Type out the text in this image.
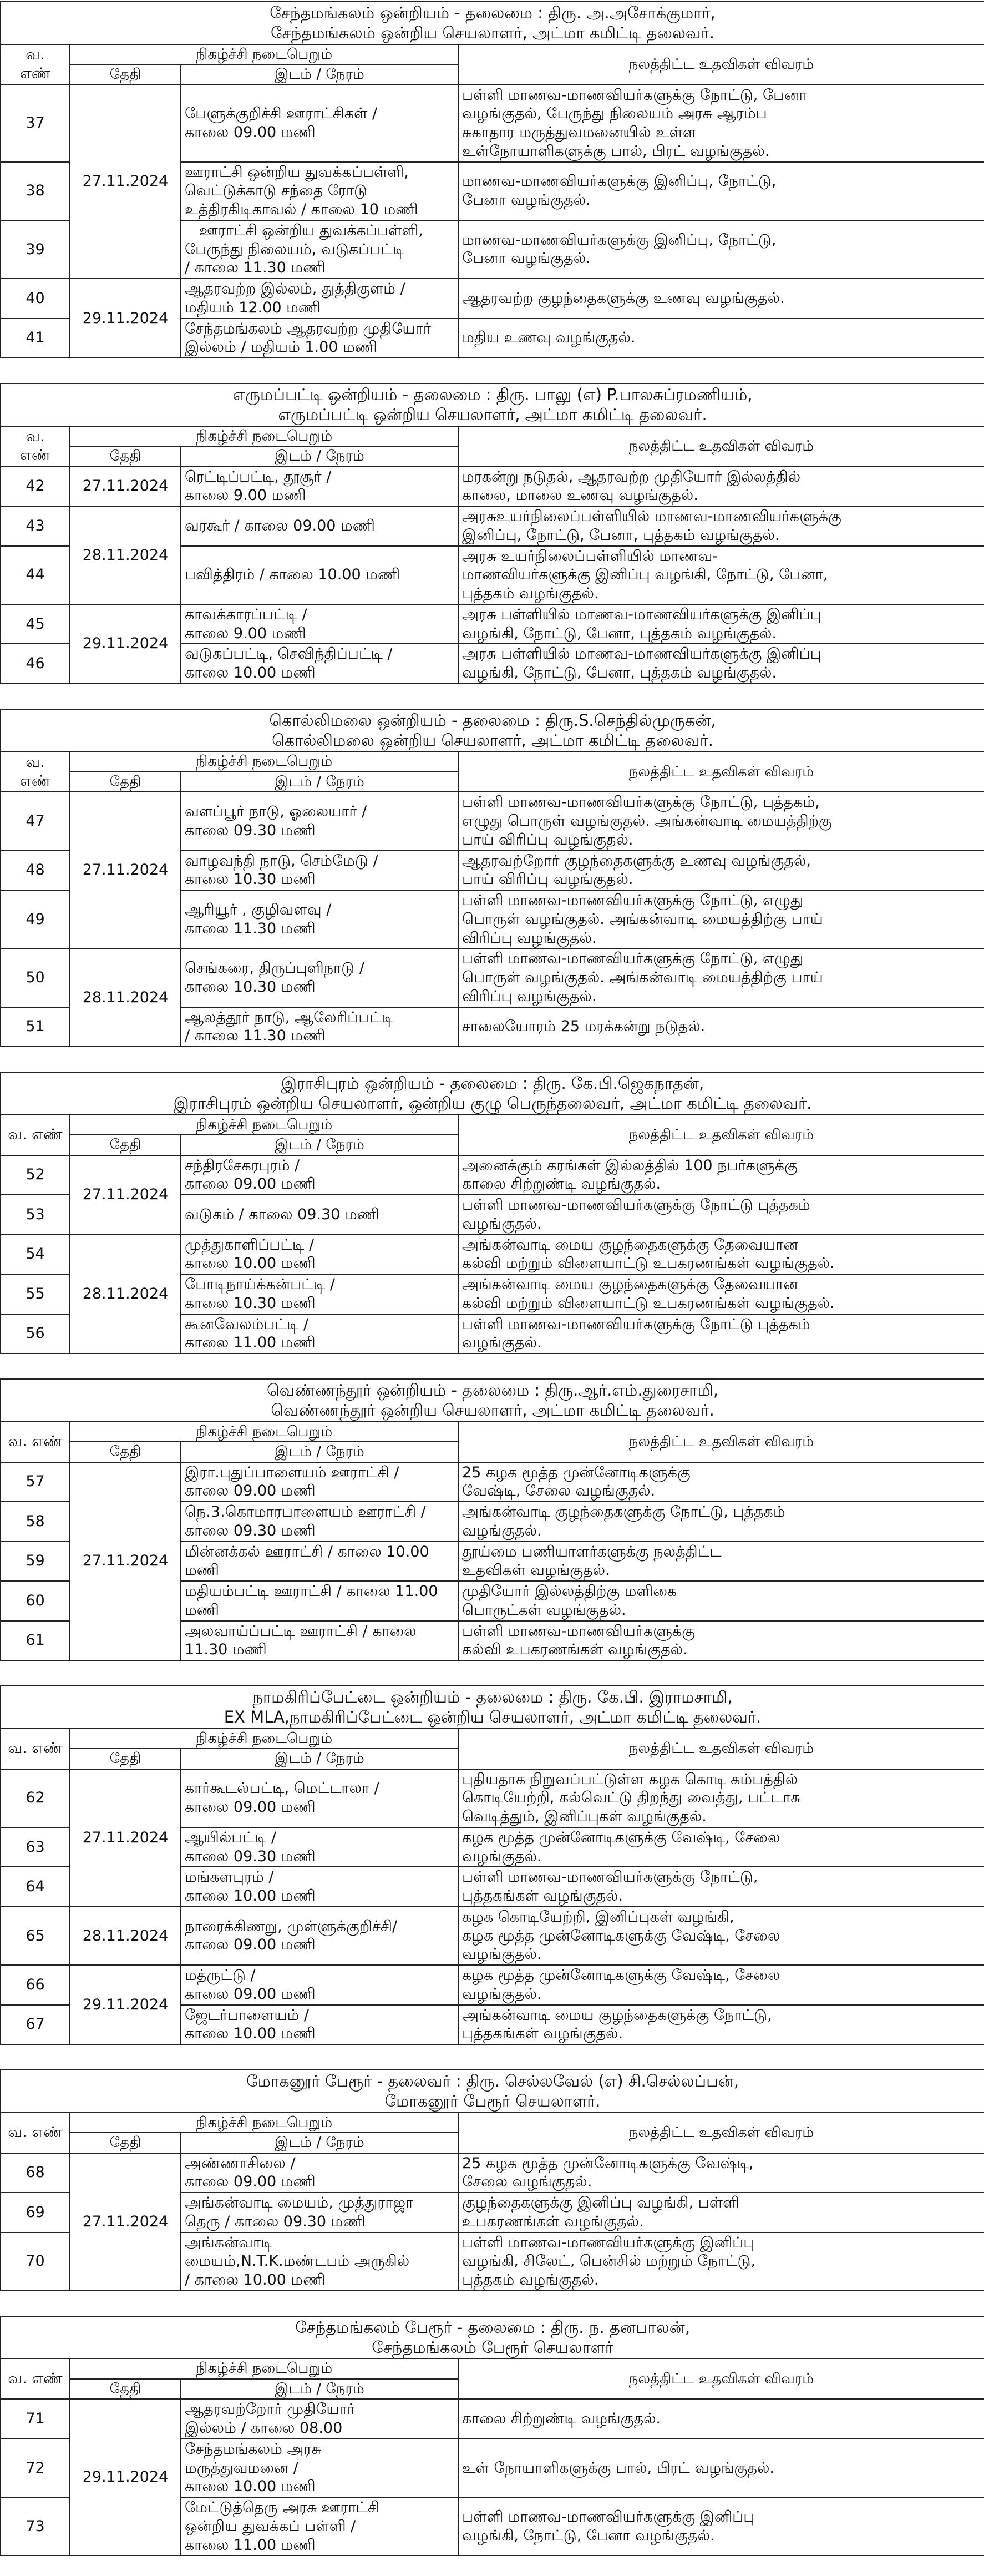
சேந்தமங்கலம் ஒன்றியம் - தலைமை : திரு. அ.அசோக்குமார்,
சேந்தமங்கலம் ஒன்றிய செயலாளர், அட்மா கமிட்டி தலைவர்.			

வ.
எண்	நிகழ்ச்சி நடைபெறும்		நலத்திட்ட உதவிகள் விவரம்
	தேதி	இடம் / நேரம்	
37	27.11.2024	பேளுக்குறிச்சி ஊராட்சிகள் /
காலை 09.00 மணி	பள்ளி மாணவ-மாணவியர்களுக்கு நோட்டு, பேனா
வழங்குதல், பேருந்து நிலையம் அரசு ஆரம்ப
சுகாதார மருத்துவமனையில் உள்ள
உள்நோயாளிகளுக்கு பால், பிரட் வழங்குதல்.

38		ஊராட்சி ஒன்றிய துவக்கப்பள்ளி,
வெட்டுக்காடு சந்தை ரோடு
உத்திரகிடிகாவல் / காலை 10 மணி	மாணவ-மாணவியர்களுக்கு இனிப்பு, நோட்டு,
பேனா வழங்குதல்.

39		ஊராட்சி ஒன்றிய துவக்கப்பள்ளி,
பேருந்து நிலையம், வடுகப்பட்டி
/ காலை 11.30 மணி	மாணவ-மாணவியர்களுக்கு இனிப்பு, நோட்டு,
பேனா வழங்குதல்.

40	29.11.2024	ஆதரவற்ற இல்லம், துத்திகுளம் /
மதியம் 12.00 மணி	ஆதரவற்ற குழந்தைகளுக்கு உணவு வழங்குதல்.

41		சேந்தமங்கலம் ஆதரவற்ற முதியோர்
இல்லம் / மதியம் 1.00 மணி	மதிய உணவு வழங்குதல்.
எருமப்பட்டி ஒன்றியம் - தலைமை : திரு. பாலு (எ) P.பாலசுப்ரமணியம்,
எருமப்பட்டி ஒன்றிய செயலாளர், அட்மா கமிட்டி தலைவர்.			

வ.
எண்	நிகழ்ச்சி நடைபெறும்		நலத்திட்ட உதவிகள் விவரம்
	தேதி	இடம் / நேரம்	
42	27.11.2024	ரெட்டிப்பட்டி, தூசூர் /
காலை 9.00 மணி	மரகன்று நடுதல், ஆதரவற்ற முதியோர் இல்லத்தில்
காலை, மாலை உணவு வழங்குதல்.

43	28.11.2024	வரகூர் / காலை 09.00 மணி	அரசுஉயர்நிலைப்பள்ளியில் மாணவ-மாணவியர்களுக்கு
இனிப்பு, நோட்டு, பேனா, புத்தகம் வழங்குதல்.

44		பவித்திரம் / காலை 10.00 மணி	அரசு உயர்நிலைப்பள்ளியில் மாணவ-
மாணவியர்களுக்கு இனிப்பு வழங்கி, நோட்டு, பேனா,
புத்தகம் வழங்குதல்.

45	29.11.2024	காவக்காரப்பட்டி /
காலை 9.00 மணி	அரசு பள்ளியில் மாணவ-மாணவியர்களுக்கு இனிப்பு
வழங்கி, நோட்டு, பேனா, புத்தகம் வழங்குதல்.

46		வடுகப்பட்டி, செவிந்திப்பட்டி /
காலை 10.00 மணி	அரசு பள்ளியில் மாணவ-மாணவியர்களுக்கு இனிப்பு
வழங்கி, நோட்டு, பேனா, புத்தகம் வழங்குதல்.
கொல்லிமலை ஒன்றியம் - தலைமை : திரு.S.செந்தில்முருகன்,
கொல்லிமலை ஒன்றிய செயலாளர், அட்மா கமிட்டி தலைவர்.			

வ.
எண்	நிகழ்ச்சி நடைபெறும்		நலத்திட்ட உதவிகள் விவரம்
	தேதி	இடம் / நேரம்	
47	27.11.2024	வளப்பூர் நாடு, ஓலையார் /
காலை 09.30 மணி	பள்ளி மாணவ-மாணவியர்களுக்கு நோட்டு, புத்தகம்,
எழுது பொருள் வழங்குதல். அங்கன்வாடி மையத்திற்கு
பாய் விரிப்பு வழங்குதல்.

48		வாழவந்தி நாடு, செம்மேடு /
காலை 10.30 மணி	ஆதரவற்றோர் குழந்தைகளுக்கு உணவு வழங்குதல்,
பாய் விரிப்பு வழங்குதல்.

49		ஆரியூர் , குழிவளவு /
காலை 11.30 மணி	பள்ளி மாணவ-மாணவியர்களுக்கு நோட்டு, எழுது
பொருள் வழங்குதல். அங்கன்வாடி மையத்திற்கு பாய்
விரிப்பு வழங்குதல்.

50	28.11.2024	செங்கரை, திருப்புளிநாடு /
காலை 10.30 மணி	பள்ளி மாணவ-மாணவியர்களுக்கு நோட்டு, எழுது
பொருள் வழங்குதல். அங்கன்வாடி மையத்திற்கு பாய்
விரிப்பு வழங்குதல்.

51		ஆலத்தூர் நாடு, ஆலேரிப்பட்டி
/ காலை 11.30 மணி	சாலையோரம் 25 மரக்கன்று நடுதல்.
இராசிபுரம் ஒன்றியம் - தலைமை : திரு. கே.பி.ஜெகநாதன்,
இராசிபுரம் ஒன்றிய செயலாளர், ஒன்றிய குழு பெருந்தலைவர், அட்மா கமிட்டி தலைவர்.			

வ. எண்	நிகழ்ச்சி நடைபெறும்		நலத்திட்ட உதவிகள் விவரம்
	தேதி	இடம் / நேரம்	
52	27.11.2024	சந்திரசேகரபுரம் /
காலை 09.00 மணி	அனைக்கும் கரங்கள் இல்லத்தில் 100 நபர்களுக்கு
காலை சிற்றுண்டி வழங்குதல்.

53		வடுகம் / காலை 09.30 மணி	பள்ளி மாணவ-மாணவியர்களுக்கு நோட்டு புத்தகம்
வழங்குதல்.

54	28.11.2024	முத்துகாளிப்பட்டி /
காலை 10.00 மணி	அங்கன்வாடி மைய குழந்தைகளுக்கு தேவையான
கல்வி மற்றும் விளையாட்டு உபகரணங்கள் வழங்குதல்.

55		போடிநாய்க்கன்பட்டி /
காலை 10.30 மணி	அங்கன்வாடி மைய குழந்தைகளுக்கு தேவையான
கல்வி மற்றும் விளையாட்டு உபகரணங்கள் வழங்குதல்.

56		கூனவேலம்பட்டி /
காலை 11.00 மணி	பள்ளி மாணவ-மாணவியர்களுக்கு நோட்டு புத்தகம்
வழங்குதல்.
வெண்ணந்தூர் ஒன்றியம் - தலைமை : திரு.ஆர்.எம்.துரைசாமி,
வெண்ணந்தூர் ஒன்றிய செயலாளர், அட்மா கமிட்டி தலைவர்.			

வ. எண்	நிகழ்ச்சி நடைபெறும்		நலத்திட்ட உதவிகள் விவரம்
	தேதி	இடம் / நேரம்	
57	27.11.2024	இரா.புதுப்பாளையம் ஊராட்சி /
காலை 09.00 மணி	25 கழக மூத்த முன்னோடிகளுக்கு
வேஷ்டி, சேலை வழங்குதல்.

58		நெ.3.கொமாரபாளையம் ஊராட்சி /
காலை 09.30 மணி	அங்கன்வாடி குழந்தைகளுக்கு நோட்டு, புத்தகம்
வழங்குதல்.

59		மின்னக்கல் ஊராட்சி / காலை 10.00 மணி	தூய்மை பணியாளர்களுக்கு நலத்திட்ட
உதவிகள் வழங்குதல்.

60		மதியம்பட்டி ஊராட்சி / காலை 11.00 மணி	முதியோர் இல்லத்திற்கு மளிகை
பொருட்கள் வழங்குதல்.

61		அலவாய்ப்பட்டி ஊராட்சி / காலை 11.30 மணி	பள்ளி மாணவ-மாணவியர்களுக்கு
கல்வி உபகரணங்கள் வழங்குதல்.
நாமகிரிப்பேட்டை ஒன்றியம் - தலைமை : திரு. கே.பி. இராமசாமி,
EX MLA,நாமகிரிப்பேட்டை ஒன்றிய செயலாளர், அட்மா கமிட்டி தலைவர்.			

வ. எண்	நிகழ்ச்சி நடைபெறும்		நலத்திட்ட உதவிகள் விவரம்
	தேதி	இடம் / நேரம்	
62	27.11.2024	கார்கூடல்பட்டி, மெட்டாலா /
காலை 09.00 மணி	புதியதாக நிறுவப்பட்டுள்ள கழக கொடி கம்பத்தில்
கொடியேற்றி, கல்வெட்டு திறந்து வைத்து, பட்டாசு
வெடித்தும், இனிப்புகள் வழங்குதல்.

63		ஆயில்பட்டி /
காலை 09.30 மணி	கழக மூத்த முன்னோடிகளுக்கு வேஷ்டி, சேலை
வழங்குதல்.

64		மங்களபுரம் /
காலை 10.00 மணி	பள்ளி மாணவ-மாணவியர்களுக்கு நோட்டு,
புத்தகங்கள் வழங்குதல்.

65	28.11.2024	நாரைக்கிணறு, முள்ளுக்குறிச்சி/
காலை 09.00 மணி	கழக கொடியேற்றி, இனிப்புகள் வழங்கி,
கழக மூத்த முன்னோடிகளுக்கு வேஷ்டி, சேலை
வழங்குதல்.

66	29.11.2024	மத்ருட்டு /
காலை 09.00 மணி	கழக மூத்த முன்னோடிகளுக்கு வேஷ்டி, சேலை
வழங்குதல்.

67		ஜேடர்பாளையம் /
காலை 10.00 மணி	அங்கன்வாடி மைய குழந்தைகளுக்கு நோட்டு,
புத்தகங்கள் வழங்குதல்.
மோகனூர் பேரூர் - தலைவர் : திரு. செல்லவேல் (எ) சி.செல்லப்பன்,
மோகனூர் பேரூர் செயலாளர்.			

வ. எண்	நிகழ்ச்சி நடைபெறும்		நலத்திட்ட உதவிகள் விவரம்
	தேதி	இடம் / நேரம்	
68	27.11.2024	அண்ணாசிலை /
காலை 09.00 மணி	25 கழக மூத்த முன்னோடிகளுக்கு வேஷ்டி,
சேலை வழங்குதல்.

69		அங்கன்வாடி மையம், முத்துராஜா
தெரு / காலை 09.30 மணி	குழந்தைகளுக்கு இனிப்பு வழங்கி, பள்ளி
உபகரணங்கள் வழங்குதல்.

70		அங்கன்வாடி
மையம்,N.T.K.மண்டபம் அருகில்
/ காலை 10.00 மணி	பள்ளி மாணவ-மாணவியர்களுக்கு இனிப்பு
வழங்கி, சிலேட், பென்சில் மற்றும் நோட்டு,
புத்தகம் வழங்குதல்.
சேந்தமங்கலம் பேரூர் - தலைமை : திரு. ந. தனபாலன்,
சேந்தமங்கலம் பேரூர் செயலாளர்			

வ. எண்	நிகழ்ச்சி நடைபெறும்		நலத்திட்ட உதவிகள் விவரம்
	தேதி	இடம் / நேரம்	
71	29.11.2024	ஆதரவற்றோர் முதியோர்
இல்லம் / காலை 08.00	காலை சிற்றுண்டி வழங்குதல்.

72		சேந்தமங்கலம் அரசு
மருத்துவமனை /
காலை 10.00 மணி	உள் நோயாளிகளுக்கு பால், பிரட் வழங்குதல்.

73		மேட்டுத்தெரு அரசு ஊராட்சி
ஒன்றிய துவக்கப் பள்ளி /
காலை 11.00 மணி	பள்ளி மாணவ-மாணவியர்களுக்கு இனிப்பு
வழங்கி, நோட்டு, பேனா வழங்குதல்.
